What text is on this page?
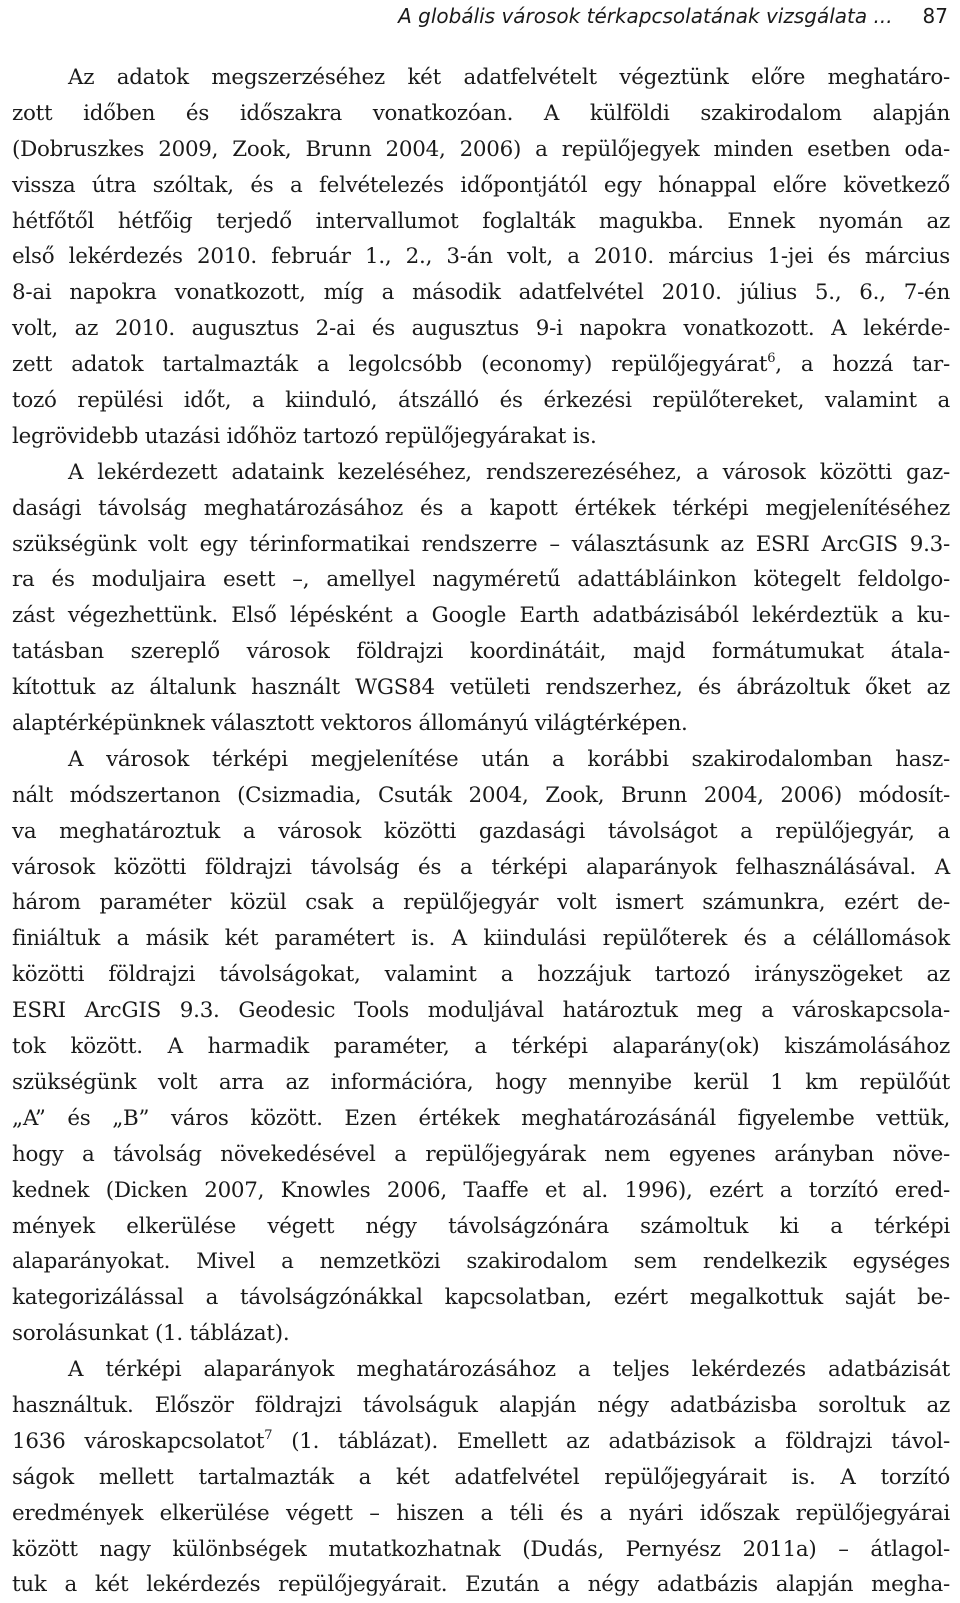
A globális városok térkapcsolatának vizsgálata ... 87
Az adatok megszerzéséhez két adatfelvételt végeztünk előre meghatáro-
zott időben és időszakra vonatkozóan. A külföldi szakirodalom alapján
(Dobruszkes 2009, Zook, Brunn 2004, 2006) a repülőjegyek minden esetben oda-
vissza útra szóltak, és a felvételezés időpontjától egy hónappal előre következő
hétfőtől hétfőig terjedő intervallumot foglalták magukba. Ennek nyomán az
első lekérdezés 2010. február 1., 2., 3-án volt, a 2010. március 1-jei és március
8-ai napokra vonatkozott, míg a második adatfelvétel 2010. július 5., 6., 7-én
volt, az 2010. augusztus 2-ai és augusztus 9-i napokra vonatkozott. A lekérde-
zett adatok tartalmazták a legolcsóbb (economy) repülőjegyárat$^6$, a hozzá tar-
tozó repülési időt, a kiinduló, átszálló és érkezési repülőtereket, valamint a
legrövidebb utazási időhöz tartozó repülőjegyárakat is.
A lekérdezett adataink kezeléséhez, rendszerezéséhez, a városok közötti gaz-
dasági távolság meghatározásához és a kapott értékek térképi megjelenítéséhez
szükségünk volt egy térinformatikai rendszerre – választásunk az ESRI ArcGIS 9.3-
ra és moduljaira esett –, amellyel nagyméretű adattábláinkon kötegelt feldolgo-
zást végezhettünk. Első lépésként a Google Earth adatbázisából lekérdeztük a ku-
tatásban szereplő városok földrajzi koordinátáit, majd formátumukat átala-
kítottuk az általunk használt WGS84 vetületi rendszerhez, és ábrázoltuk őket az
alaptérképünknek választott vektoros állományú világtérképen.
A városok térképi megjelenítése után a korábbi szakirodalomban hasz-
nált módszertanon (Csizmadia, Csuták 2004, Zook, Brunn 2004, 2006) módosít-
va meghatároztuk a városok közötti gazdasági távolságot a repülőjegyár, a
városok közötti földrajzi távolság és a térképi alaparányok felhasználásával. A
három paraméter közül csak a repülőjegyár volt ismert számunkra, ezért de-
finiáltuk a másik két paramétert is. A kiindulási repülőterek és a célállomások
közötti földrajzi távolságokat, valamint a hozzájuk tartozó irányszögeket az
ESRI ArcGIS 9.3. Geodesic Tools moduljával határoztuk meg a városkapcsola-
tok között. A harmadik paraméter, a térképi alaparány(ok) kiszámolásához
szükségünk volt arra az információra, hogy mennyibe kerül 1 km repülőút
„A” és „B” város között. Ezen értékek meghatározásánál figyelembe vettük,
hogy a távolság növekedésével a repülőjegyárak nem egyenes arányban növe-
kednek (Dicken 2007, Knowles 2006, Taaffe et al. 1996), ezért a torzító ered-
mények elkerülése végett négy távolságzónára számoltuk ki a térképi
alaparányokat. Mivel a nemzetközi szakirodalom sem rendelkezik egységes
kategorizálással a távolságzónákkal kapcsolatban, ezért megalkottuk saját be-
sorolásunkat (1. táblázat).
A térképi alaparányok meghatározásához a teljes lekérdezés adatbázisát
használtuk. Először földrajzi távolságuk alapján négy adatbázisba soroltuk az
1636 városkapcsolatot$^7$ (1. táblázat). Emellett az adatbázisok a földrajzi távol-
ságok mellett tartalmazták a két adatfelvétel repülőjegyárait is. A torzító
eredmények elkerülése végett – hiszen a téli és a nyári időszak repülőjegyárai
között nagy különbségek mutatkozhatnak (Dudás, Pernyész 2011a) – átlagol-
tuk a két lekérdezés repülőjegyárait. Ezután a négy adatbázis alapján megha-
